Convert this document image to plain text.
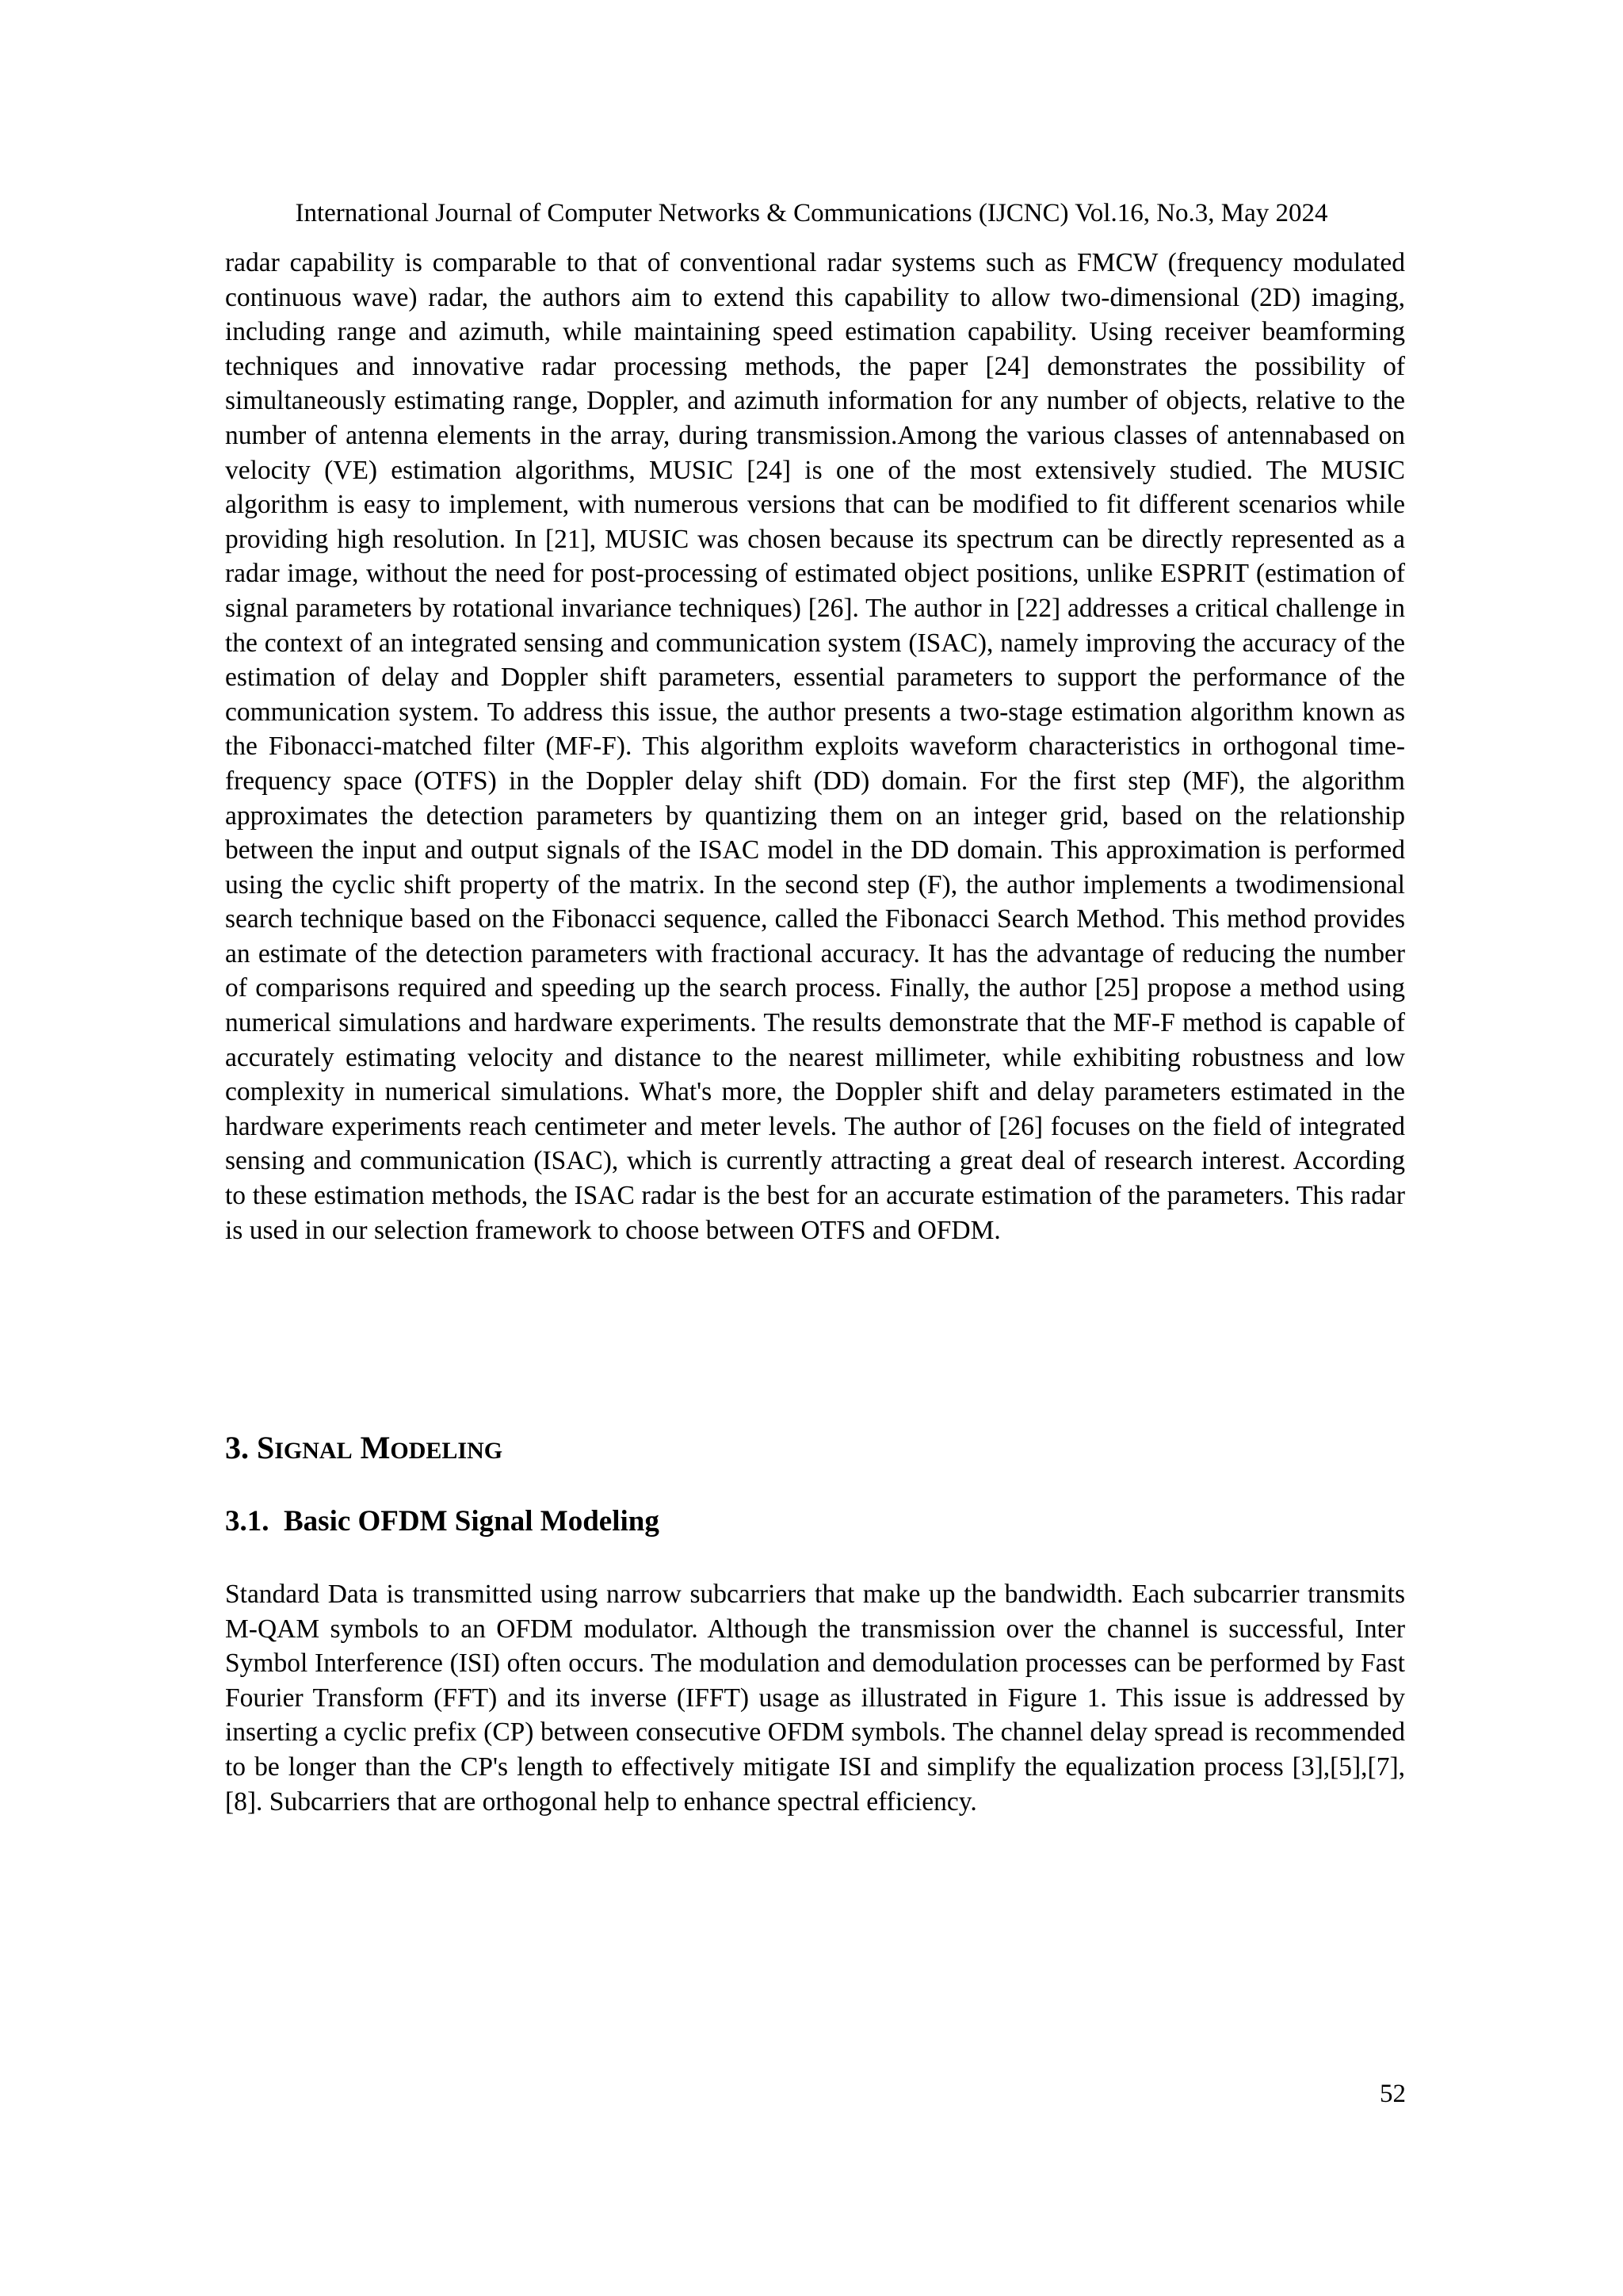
International Journal of Computer Networks & Communications (IJCNC) Vol.16, No.3, May 2024

radar capability is comparable to that of conventional radar systems such as FMCW (frequency modulated continuous wave) radar, the authors aim to extend this capability to allow two-dimensional (2D) imaging, including range and azimuth, while maintaining speed estimation capability. Using receiver beamforming techniques and innovative radar processing methods, the paper [24] demonstrates the possibility of simultaneously estimating range, Doppler, and azimuth information for any number of objects, relative to the number of antenna elements in the array, during transmission.Among the various classes of antennabased on velocity (VE) estimation algorithms, MUSIC [24] is one of the most extensively studied. The MUSIC algorithm is easy to implement, with numerous versions that can be modified to fit different scenarios while providing high resolution. In [21], MUSIC was chosen because its spectrum can be directly represented as a radar image, without the need for post-processing of estimated object positions, unlike ESPRIT (estimation of signal parameters by rotational invariance techniques) [26]. The author in [22] addresses a critical challenge in the context of an integrated sensing and communication system (ISAC), namely improving the accuracy of the estimation of delay and Doppler shift parameters, essential parameters to support the performance of the communication system. To address this issue, the author presents a two-stage estimation algorithm known as the Fibonacci-matched filter (MF-F). This algorithm exploits waveform characteristics in orthogonal time-frequency space (OTFS) in the Doppler delay shift (DD) domain. For the first step (MF), the algorithm approximates the detection parameters by quantizing them on an integer grid, based on the relationship between the input and output signals of the ISAC model in the DD domain. This approximation is performed using the cyclic shift property of the matrix. In the second step (F), the author implements a twodimensional search technique based on the Fibonacci sequence, called the Fibonacci Search Method. This method provides an estimate of the detection parameters with fractional accuracy. It has the advantage of reducing the number of comparisons required and speeding up the search process. Finally, the author [25] propose a method using numerical simulations and hardware experiments. The results demonstrate that the MF-F method is capable of accurately estimating velocity and distance to the nearest millimeter, while exhibiting robustness and low complexity in numerical simulations. What's more, the Doppler shift and delay parameters estimated in the hardware experiments reach centimeter and meter levels. The author of [26] focuses on the field of integrated sensing and communication (ISAC), which is currently attracting a great deal of research interest. According to these estimation methods, the ISAC radar is the best for an accurate estimation of the parameters. This radar is used in our selection framework to choose between OTFS and OFDM.

3. SIGNAL MODELING
3.1. Basic OFDM Signal Modeling

Standard Data is transmitted using narrow subcarriers that make up the bandwidth. Each subcarrier transmits M-QAM symbols to an OFDM modulator. Although the transmission over the channel is successful, Inter Symbol Interference (ISI) often occurs. The modulation and demodulation processes can be performed by Fast Fourier Transform (FFT) and its inverse (IFFT) usage as illustrated in Figure 1. This issue is addressed by inserting a cyclic prefix (CP) between consecutive OFDM symbols. The channel delay spread is recommended to be longer than the CP's length to effectively mitigate ISI and simplify the equalization process [3],[5],[7],[8]. Subcarriers that are orthogonal help to enhance spectral efficiency.

52
